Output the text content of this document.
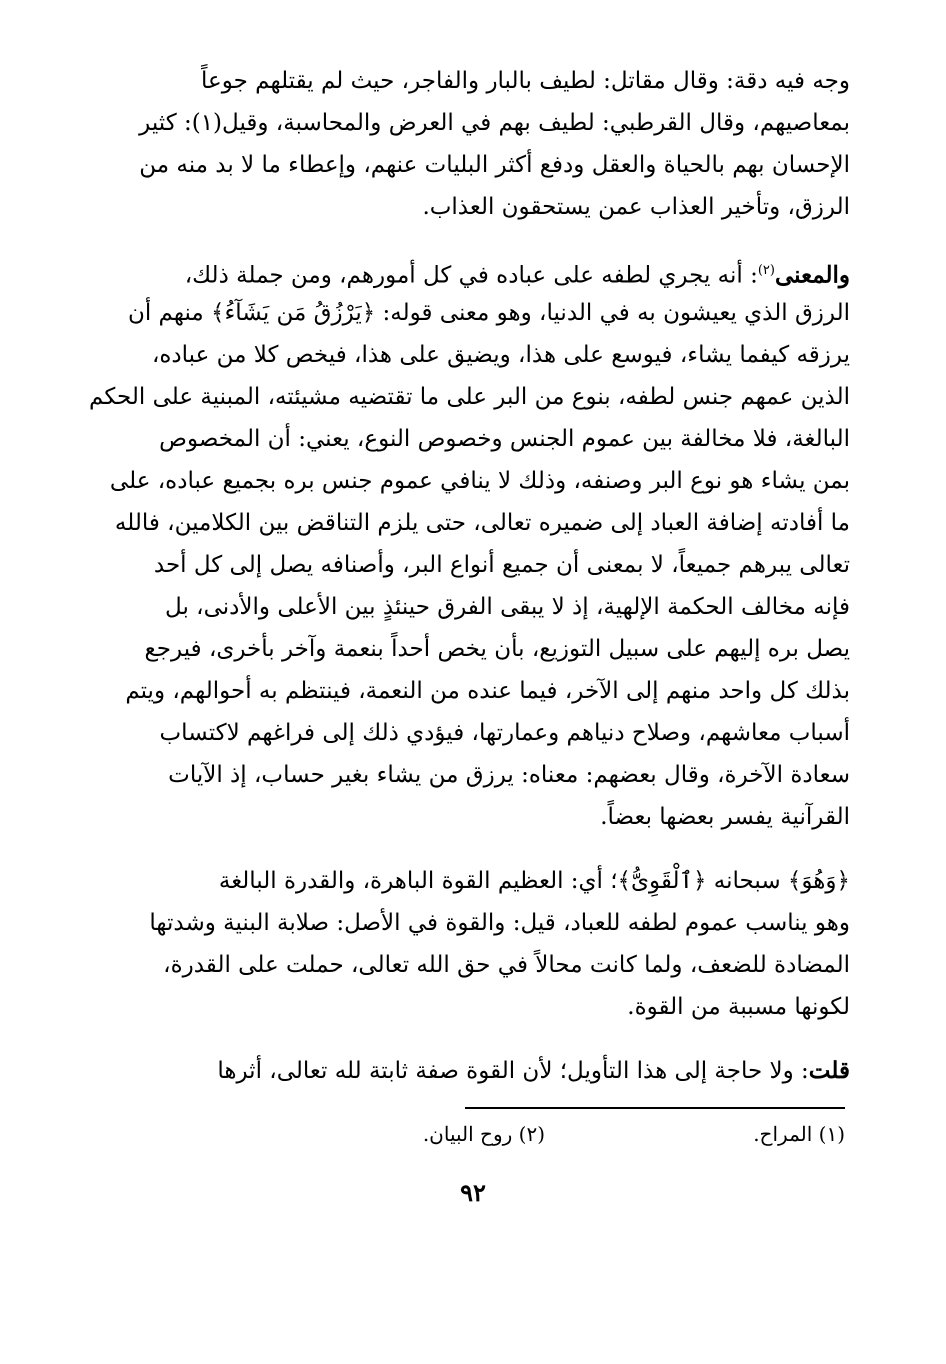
وجه فيه دقة: وقال مقاتل: لطيف بالبار والفاجر، حيث لم يقتلهم جوعاً
بمعاصيهم، وقال القرطبي: لطيف بهم في العرض والمحاسبة، وقيل(١): كثير
الإحسان بهم بالحياة والعقل ودفع أكثر البليات عنهم، وإعطاء ما لا بد منه من
الرزق، وتأخير العذاب عمن يستحقون العذاب.
والمعنى$^{(٢)}$: أنه يجري لطفه على عباده في كل أمورهم، ومن جملة ذلك،
الرزق الذي يعيشون به في الدنيا، وهو معنى قوله: ﴿يَرْزُقُ مَن يَشَآءُ﴾ منهم أن
يرزقه كيفما يشاء، فيوسع على هذا، ويضيق على هذا، فيخص كلا من عباده،
الذين عمهم جنس لطفه، بنوع من البر على ما تقتضيه مشيئته، المبنية على الحكم
البالغة، فلا مخالفة بين عموم الجنس وخصوص النوع، يعني: أن المخصوص
بمن يشاء هو نوع البر وصنفه، وذلك لا ينافي عموم جنس بره بجميع عباده، على
ما أفادته إضافة العباد إلى ضميره تعالى، حتى يلزم التناقض بين الكلامين، فالله
تعالى يبرهم جميعاً، لا بمعنى أن جميع أنواع البر، وأصنافه يصل إلى كل أحد
فإنه مخالف الحكمة الإلهية، إذ لا يبقى الفرق حينئذٍ بين الأعلى والأدنى، بل
يصل بره إليهم على سبيل التوزيع، بأن يخص أحداً بنعمة وآخر بأخرى، فيرجع
بذلك كل واحد منهم إلى الآخر، فيما عنده من النعمة، فينتظم به أحوالهم، ويتم
أسباب معاشهم، وصلاح دنياهم وعمارتها، فيؤدي ذلك إلى فراغهم لاكتساب
سعادة الآخرة، وقال بعضهم: معناه: يرزق من يشاء بغير حساب، إذ الآيات
القرآنية يفسر بعضها بعضاً.
﴿وَهُوَ﴾ سبحانه ﴿ٱلْقَوِىُّ﴾؛ أي: العظيم القوة الباهرة، والقدرة البالغة
وهو يناسب عموم لطفه للعباد، قيل: والقوة في الأصل: صلابة البنية وشدتها
المضادة للضعف، ولما كانت محالاً في حق الله تعالى، حملت على القدرة،
لكونها مسببة من القوة.
قلت: ولا حاجة إلى هذا التأويل؛ لأن القوة صفة ثابتة لله تعالى، أثرها
(١) المراح.
(٢) روح البيان.
٩٢
